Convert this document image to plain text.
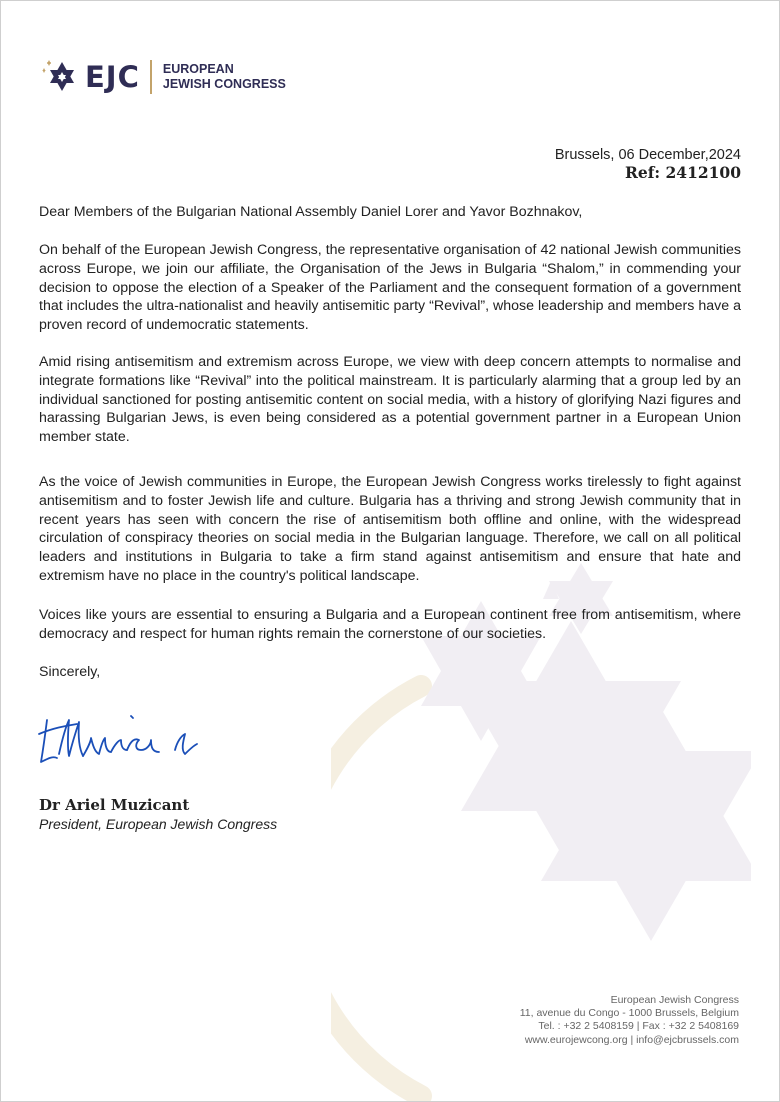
EJC EUROPEAN
JEWISH CONGRESS
Brussels, 06 December,2024
Ref: 2412100
Dear Members of the Bulgarian National Assembly Daniel Lorer and Yavor Bozhnakov,
On behalf of the European Jewish Congress, the representative organisation of 42 national Jewish communities across Europe, we join our affiliate, the Organisation of the Jews in Bulgaria “Shalom,” in commending your decision to oppose the election of a Speaker of the Parliament and the consequent formation of a government that includes the ultra-nationalist and heavily antisemitic party “Revival”, whose leadership and members have a proven record of undemocratic statements.
Amid rising antisemitism and extremism across Europe, we view with deep concern attempts to normalise and integrate formations like “Revival” into the political mainstream. It is particularly alarming that a group led by an individual sanctioned for posting antisemitic content on social media, with a history of glorifying Nazi figures and harassing Bulgarian Jews, is even being considered as a potential government partner in a European Union member state.
As the voice of Jewish communities in Europe, the European Jewish Congress works tirelessly to fight against antisemitism and to foster Jewish life and culture. Bulgaria has a thriving and strong Jewish community that in recent years has seen with concern the rise of antisemitism both offline and online, with the widespread circulation of conspiracy theories on social media in the Bulgarian language. Therefore, we call on all political leaders and institutions in Bulgaria to take a firm stand against antisemitism and ensure that hate and extremism have no place in the country's political landscape.
Voices like yours are essential to ensuring a Bulgaria and a European continent free from antisemitism, where democracy and respect for human rights remain the cornerstone of our societies.
Sincerely,
Dr Ariel Muzicant
President, European Jewish Congress
European Jewish Congress
11, avenue du Congo - 1000 Brussels, Belgium
Tel. : +32 2 5408159 | Fax : +32 2 5408169
www.eurojewcong.org | info@ejcbrussels.com
